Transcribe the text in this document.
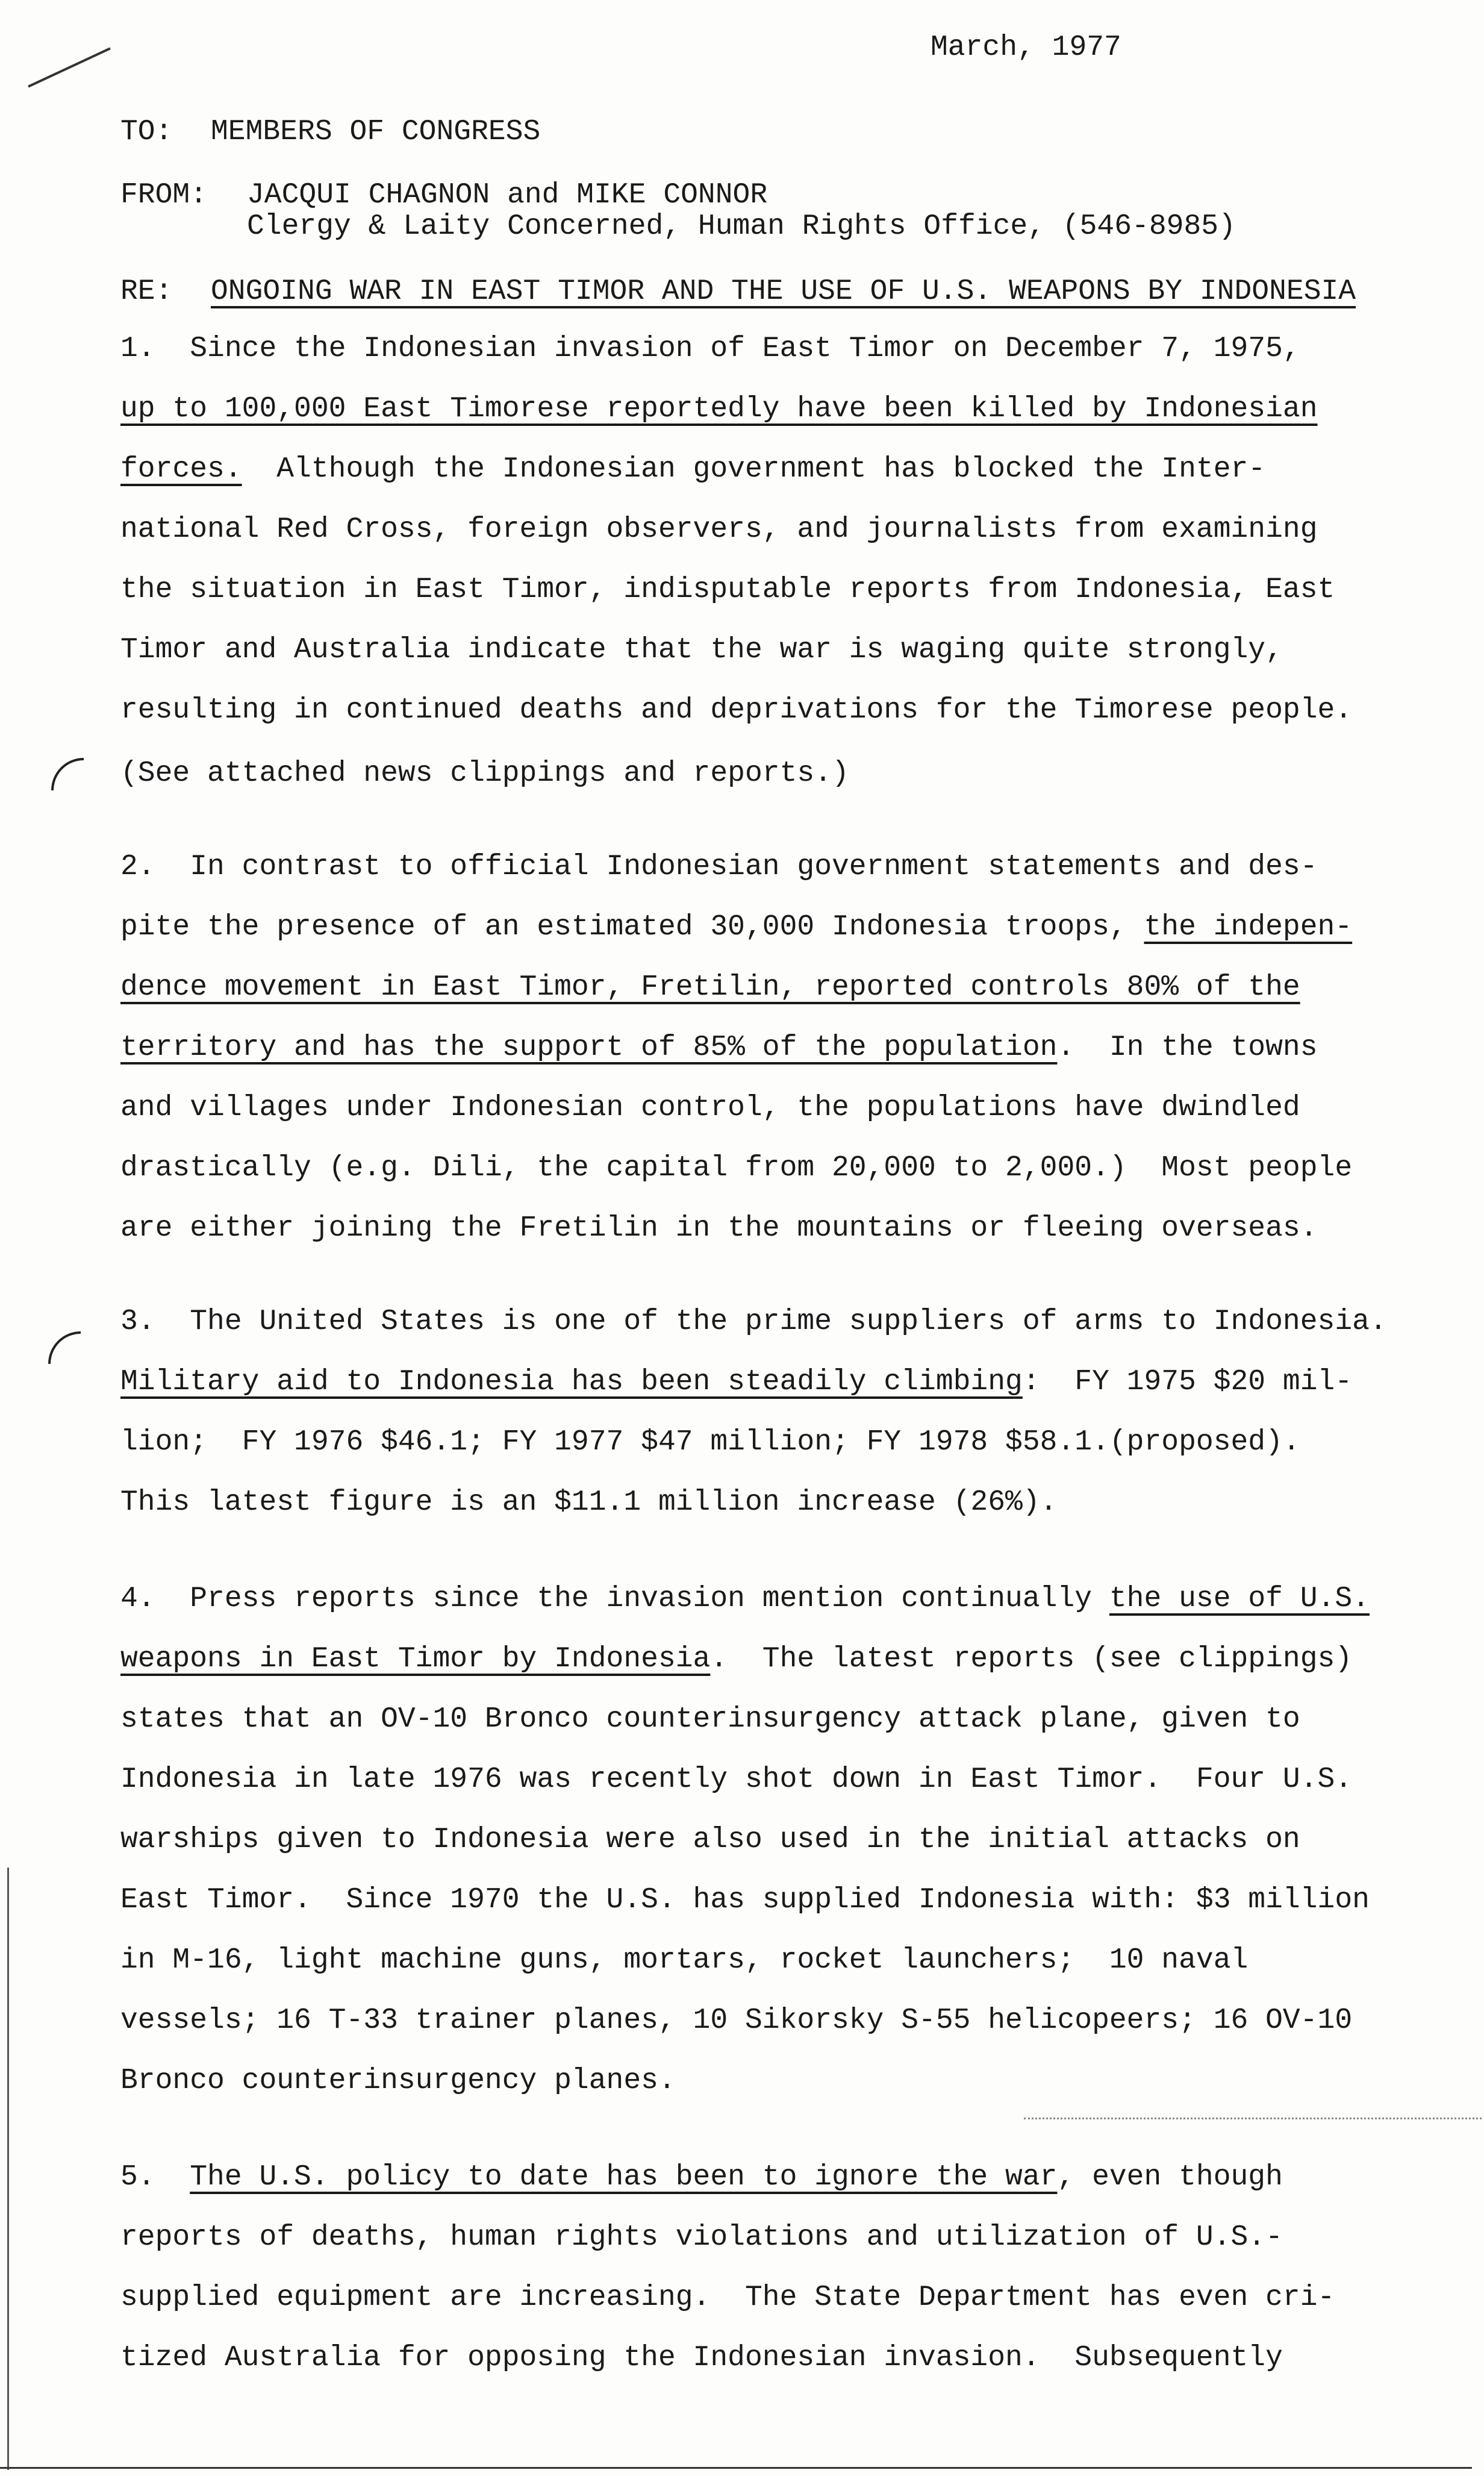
March, 1977
TO: MEMBERS OF CONGRESS
FROM: JACQUI CHAGNON and MIKE CONNOR
Clergy & Laity Concerned, Human Rights Office, (546-8985)
RE: ONGOING WAR IN EAST TIMOR AND THE USE OF U.S. WEAPONS BY INDONESIA
1.  Since the Indonesian invasion of East Timor on December 7, 1975,
up to 100,000 East Timorese reportedly have been killed by Indonesian
forces.  Although the Indonesian government has blocked the Inter-
national Red Cross, foreign observers, and journalists from examining
the situation in East Timor, indisputable reports from Indonesia, East
Timor and Australia indicate that the war is waging quite strongly,
resulting in continued deaths and deprivations for the Timorese people.
(See attached news clippings and reports.)
2.  In contrast to official Indonesian government statements and des-
pite the presence of an estimated 30,000 Indonesia troops, the indepen-
dence movement in East Timor, Fretilin, reported controls 80% of the
territory and has the support of 85% of the population.  In the towns
and villages under Indonesian control, the populations have dwindled
drastically (e.g. Dili, the capital from 20,000 to 2,000.)  Most people
are either joining the Fretilin in the mountains or fleeing overseas.
3.  The United States is one of the prime suppliers of arms to Indonesia.
Military aid to Indonesia has been steadily climbing:  FY 1975 $20 mil-
lion;  FY 1976 $46.1; FY 1977 $47 million; FY 1978 $58.1.(proposed).
This latest figure is an $11.1 million increase (26%).
4.  Press reports since the invasion mention continually the use of U.S.
weapons in East Timor by Indonesia.  The latest reports (see clippings)
states that an OV-10 Bronco counterinsurgency attack plane, given to
Indonesia in late 1976 was recently shot down in East Timor.  Four U.S.
warships given to Indonesia were also used in the initial attacks on
East Timor.  Since 1970 the U.S. has supplied Indonesia with: $3 million
in M-16, light machine guns, mortars, rocket launchers;  10 naval
vessels; 16 T-33 trainer planes, 10 Sikorsky S-55 helicopeers; 16 OV-10
Bronco counterinsurgency planes.
5.  The U.S. policy to date has been to ignore the war, even though
reports of deaths, human rights violations and utilization of U.S.-
supplied equipment are increasing.  The State Department has even cri-
tized Australia for opposing the Indonesian invasion.  Subsequently
